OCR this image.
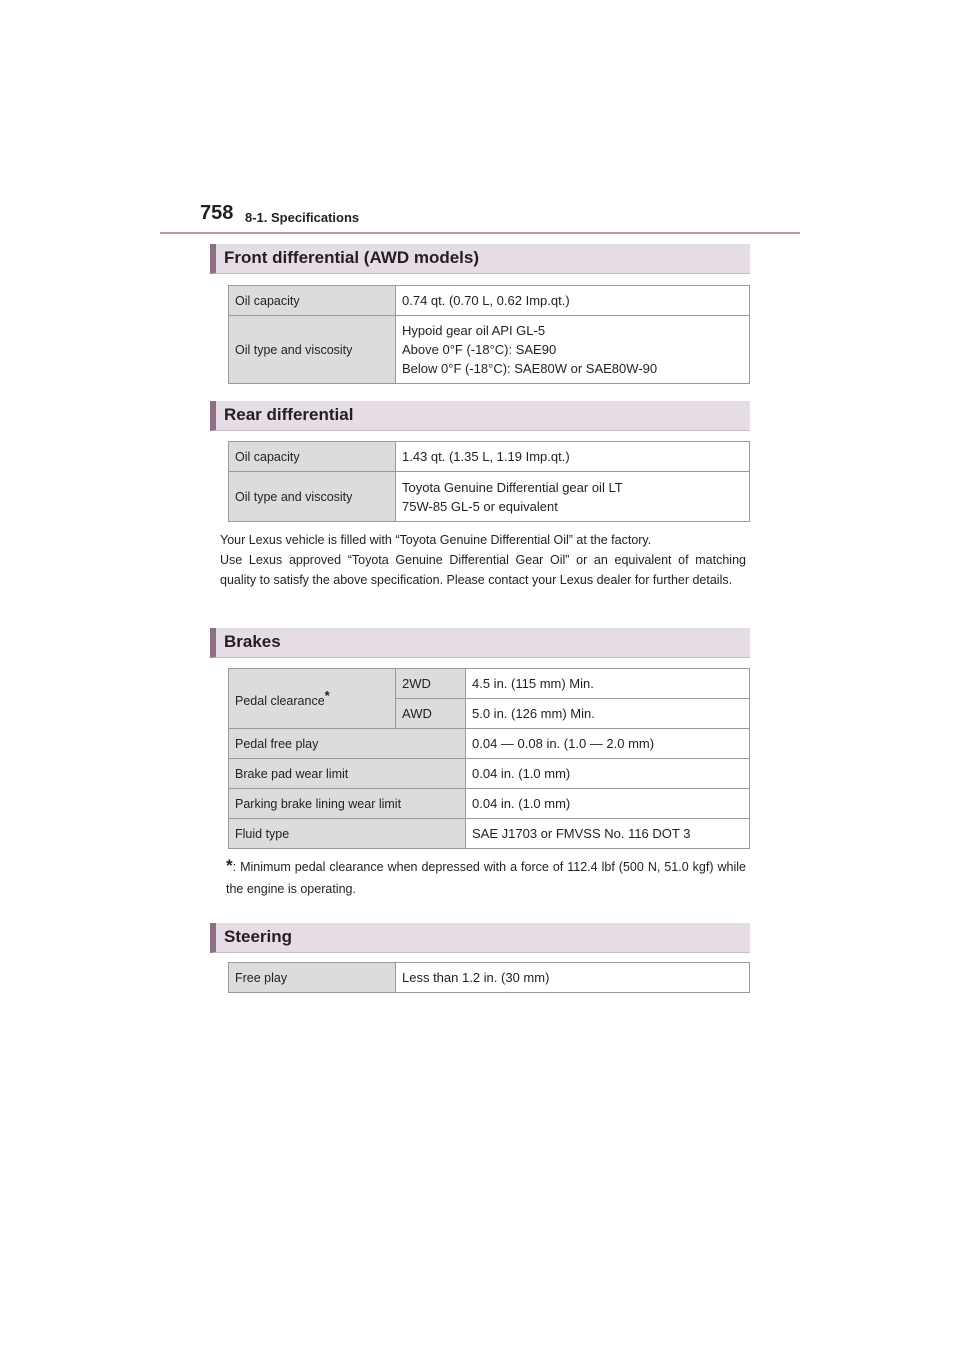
758 8-1. Specifications
Front differential (AWD models)
Oil capacity	0.74 qt. (0.70 L, 0.62 Imp.qt.)

Oil type and viscosity	Hypoid gear oil API GL-5
Above 0°F (-18°C): SAE90
Below 0°F (-18°C): SAE80W or SAE80W-90
Rear differential
Oil capacity	1.43 qt. (1.35 L, 1.19 Imp.qt.)

Oil type and viscosity	Toyota Genuine Differential gear oil LT
75W-85 GL-5 or equivalent
Your Lexus vehicle is filled with “Toyota Genuine Differential Oil” at the factory.
Use Lexus approved “Toyota Genuine Differential Gear Oil” or an equivalent of matching quality to satisfy the above specification. Please contact your Lexus dealer for further details.
Brakes
Pedal clearance*	2WD	4.5 in. (115 mm) Min.
	AWD	5.0 in. (126 mm) Min.
Pedal free play		0.04 — 0.08 in. (1.0 — 2.0 mm)
Brake pad wear limit		0.04 in. (1.0 mm)
Parking brake lining wear limit		0.04 in. (1.0 mm)
Fluid type		SAE J1703 or FMVSS No. 116 DOT 3
*: Minimum pedal clearance when depressed with a force of 112.4 lbf (500 N, 51.0 kgf) while the engine is operating.
Steering
Free play	Less than 1.2 in. (30 mm)
